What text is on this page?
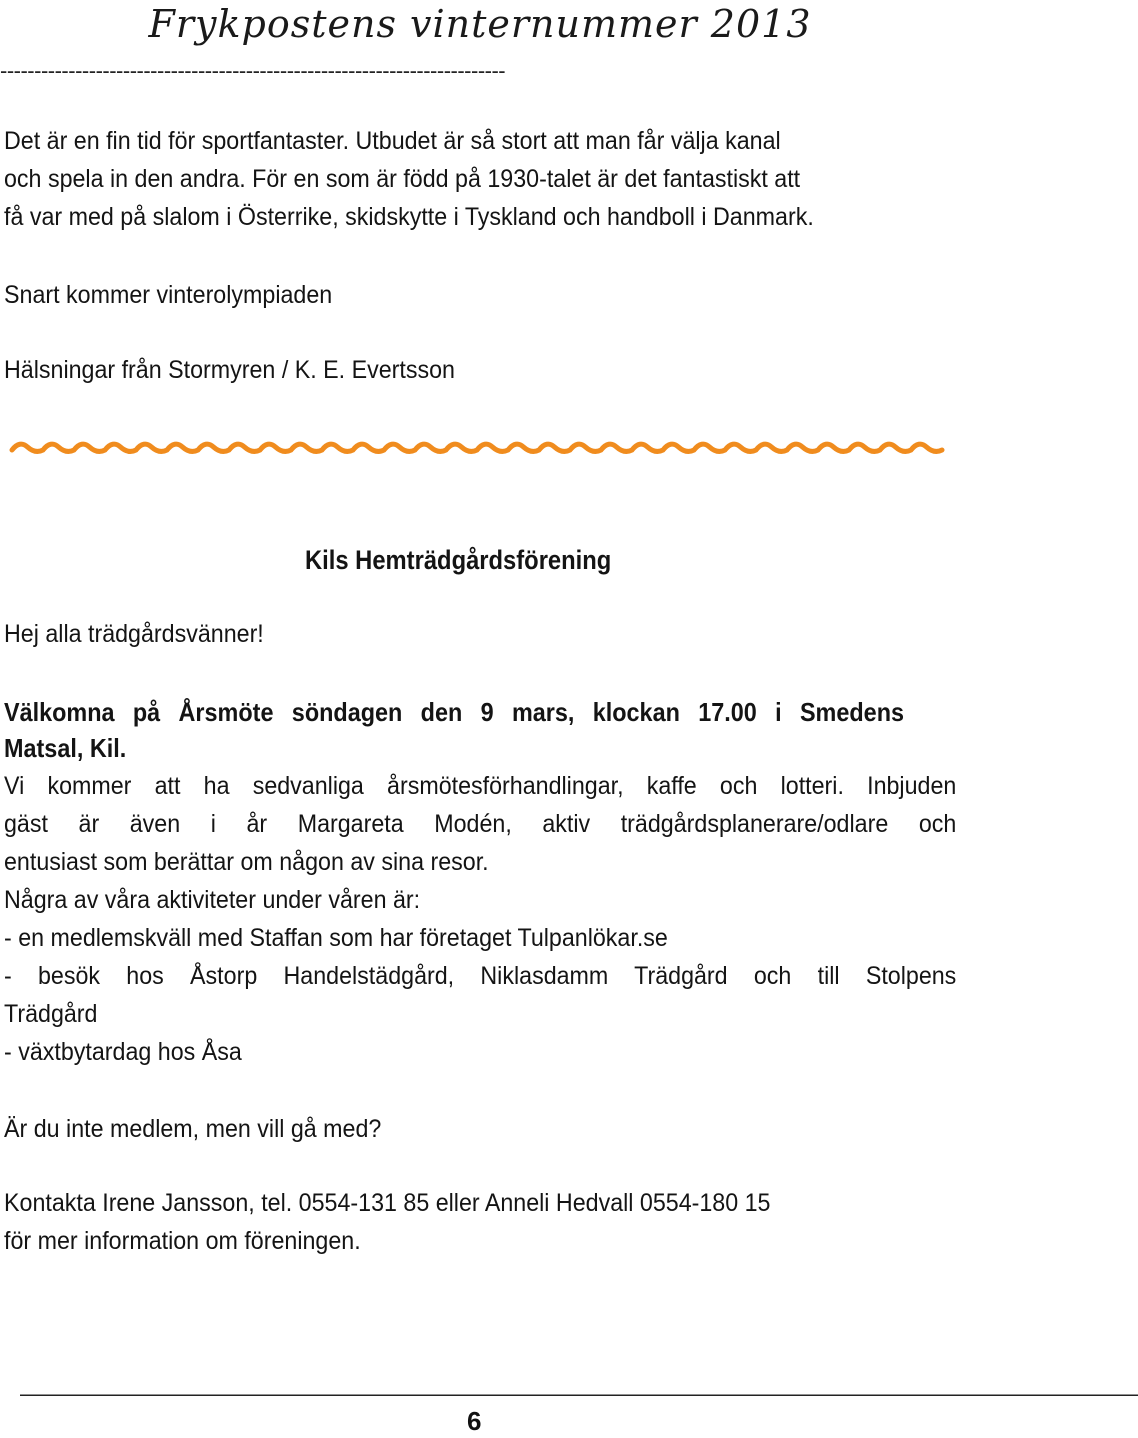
Frykpostens vinternummer 2013
--------------------------------------------------------------------------
Det är en fin tid för sportfantaster. Utbudet är så stort att man får välja kanal
och spela in den andra. För en som är född på 1930-talet är det fantastiskt att
få var med på slalom i Österrike, skidskytte i Tyskland och handboll i Danmark.
Snart kommer vinterolympiaden
Hälsningar från Stormyren / K. E. Evertsson
Kils Hemträdgårdsförening
Hej alla trädgårdsvänner!
Välkomna på Årsmöte söndagen den 9 mars, klockan 17.00 i Smedens
Matsal, Kil.
Vi kommer att ha sedvanliga årsmötesförhandlingar, kaffe och lotteri. Inbjuden
gäst är även i år Margareta Modén, aktiv trädgårdsplanerare/odlare och
entusiast som berättar om någon av sina resor.
Några av våra aktiviteter under våren är:
- en medlemskväll med Staffan som har företaget Tulpanlökar.se
- besök hos Åstorp Handelstädgård, Niklasdamm Trädgård och till Stolpens
Trädgård
- växtbytardag hos Åsa
Är du inte medlem, men vill gå med?
Kontakta Irene Jansson, tel. 0554-131 85 eller Anneli Hedvall 0554-180 15
för mer information om föreningen.
————————————————————————————————————————————————————
6
